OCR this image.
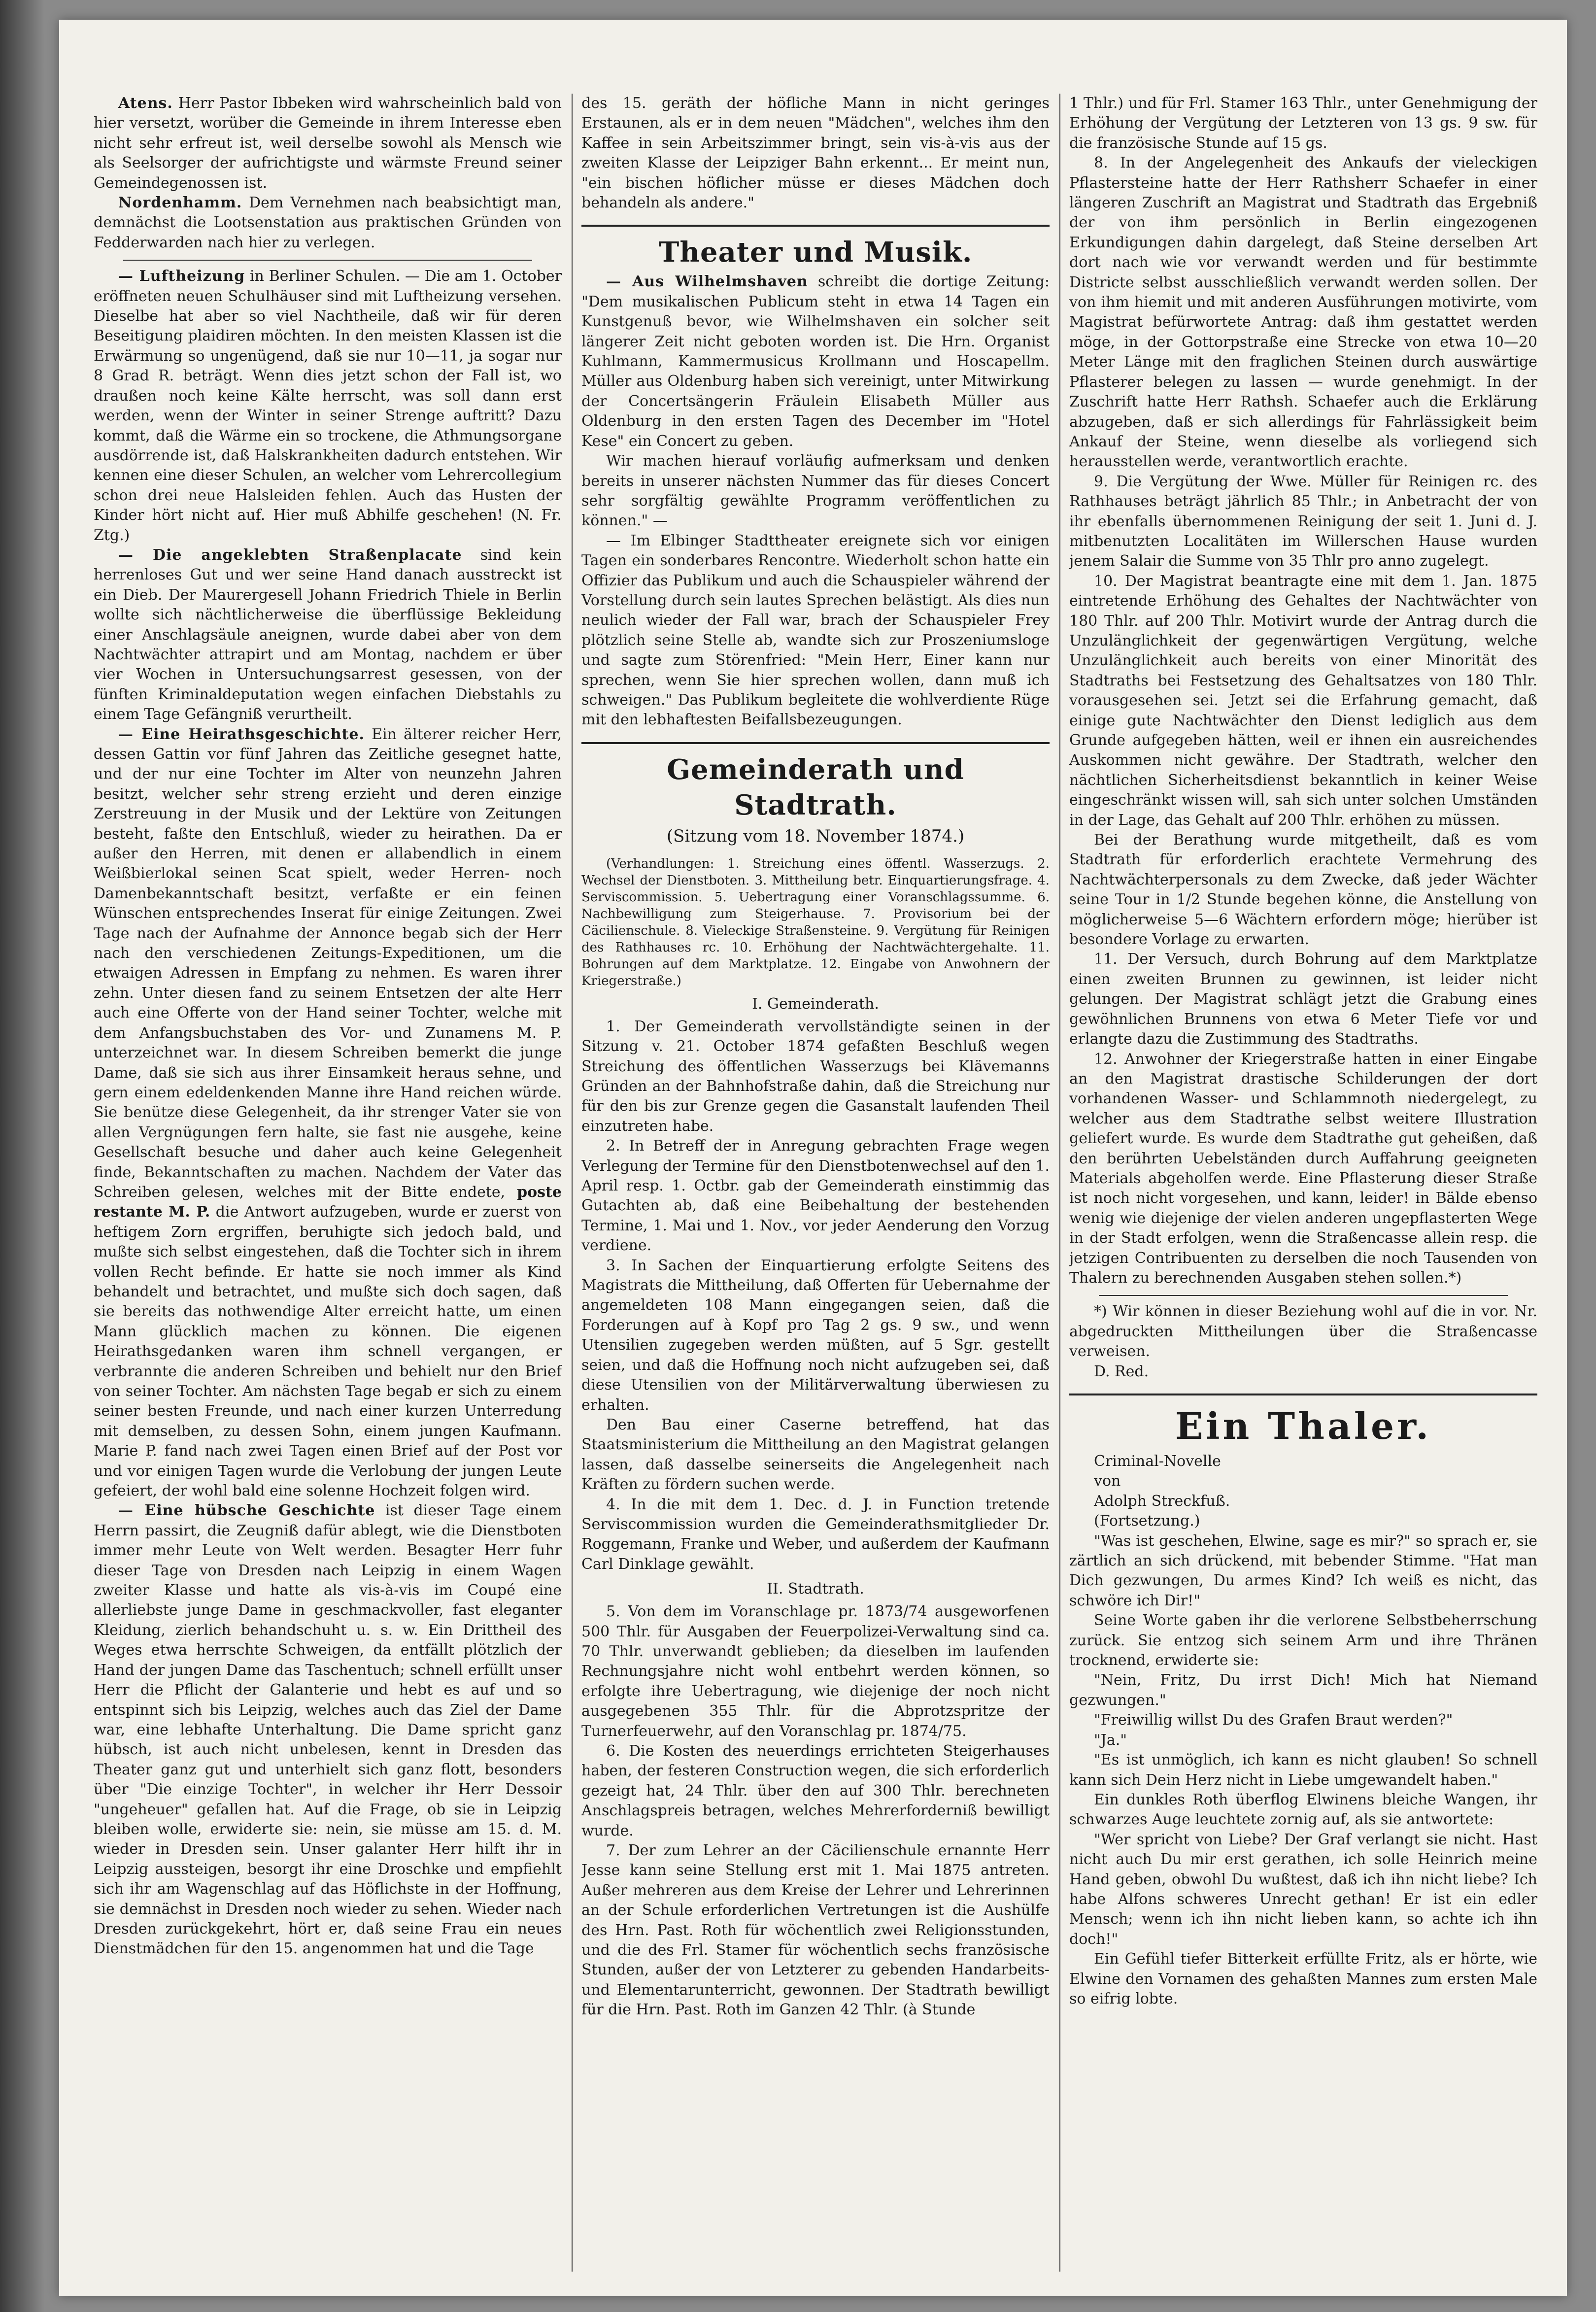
Atens. Herr Pastor Ibbeken wird wahrscheinlich bald von hier versetzt, worüber die Gemeinde in ihrem Interesse eben nicht sehr erfreut ist, weil derselbe sowohl als Mensch wie als Seelsorger der aufrichtigste und wärmste Freund seiner Gemeindegenossen ist.

Nordenhamm. Dem Vernehmen nach beabsichtigt man, demnächst die Lootsenstation aus praktischen Gründen von Fedderwarden nach hier zu verlegen.

— Luftheizung in Berliner Schulen. — Die am 1. October eröffneten neuen Schulhäuser sind mit Luftheizung versehen. Dieselbe hat aber so viel Nachtheile, daß wir für deren Beseitigung plaidiren möchten. In den meisten Klassen ist die Erwärmung so ungenügend, daß sie nur 10—11, ja sogar nur 8 Grad R. beträgt. Wenn dies jetzt schon der Fall ist, wo draußen noch keine Kälte herrscht, was soll dann erst werden, wenn der Winter in seiner Strenge auftritt? Dazu kommt, daß die Wärme ein so trockene, die Athmungsorgane ausdörrende ist, daß Halskrankheiten dadurch entstehen. Wir kennen eine dieser Schulen, an welcher vom Lehrercollegium schon drei neue Halsleiden fehlen. Auch das Husten der Kinder hört nicht auf. Hier muß Abhilfe geschehen! (N. Fr. Ztg.)

— Die angeklebten Straßenplacate sind kein herrenloses Gut und wer seine Hand danach ausstreckt ist ein Dieb. Der Maurergesell Johann Friedrich Thiele in Berlin wollte sich nächtlicherweise die überflüssige Bekleidung einer Anschlagsäule aneignen, wurde dabei aber von dem Nachtwächter attrapirt und am Montag, nachdem er über vier Wochen in Untersuchungsarrest gesessen, von der fünften Kriminaldeputation wegen einfachen Diebstahls zu einem Tage Gefängniß verurtheilt.

— Eine Heirathsgeschichte. Ein älterer reicher Herr, dessen Gattin vor fünf Jahren das Zeitliche gesegnet hatte, und der nur eine Tochter im Alter von neunzehn Jahren besitzt, welcher sehr streng erzieht und deren einzige Zerstreuung in der Musik und der Lektüre von Zeitungen besteht, faßte den Entschluß, wieder zu heirathen. Da er außer den Herren, mit denen er allabendlich in einem Weißbierlokal seinen Scat spielt, weder Herren- noch Damenbekanntschaft besitzt, verfaßte er ein feinen Wünschen entsprechendes Inserat für einige Zeitungen. Zwei Tage nach der Aufnahme der Annonce begab sich der Herr nach den verschiedenen Zeitungs-Expeditionen, um die etwaigen Adressen in Empfang zu nehmen. Es waren ihrer zehn. Unter diesen fand zu seinem Entsetzen der alte Herr auch eine Offerte von der Hand seiner Tochter, welche mit dem Anfangsbuchstaben des Vor- und Zunamens M. P. unterzeichnet war. In diesem Schreiben bemerkt die junge Dame, daß sie sich aus ihrer Einsamkeit heraus sehne, und gern einem edeldenkenden Manne ihre Hand reichen würde. Sie benütze diese Gelegenheit, da ihr strenger Vater sie von allen Vergnügungen fern halte, sie fast nie ausgehe, keine Gesellschaft besuche und daher auch keine Gelegenheit finde, Bekanntschaften zu machen. Nachdem der Vater das Schreiben gelesen, welches mit der Bitte endete, poste restante M. P. die Antwort aufzugeben, wurde er zuerst von heftigem Zorn ergriffen, beruhigte sich jedoch bald, und mußte sich selbst eingestehen, daß die Tochter sich in ihrem vollen Recht befinde. Er hatte sie noch immer als Kind behandelt und betrachtet, und mußte sich doch sagen, daß sie bereits das nothwendige Alter erreicht hatte, um einen Mann glücklich machen zu können. Die eigenen Heirathsgedanken waren ihm schnell vergangen, er verbrannte die anderen Schreiben und behielt nur den Brief von seiner Tochter. Am nächsten Tage begab er sich zu einem seiner besten Freunde, und nach einer kurzen Unterredung mit demselben, zu dessen Sohn, einem jungen Kaufmann. Marie P. fand nach zwei Tagen einen Brief auf der Post vor und vor einigen Tagen wurde die Verlobung der jungen Leute gefeiert, der wohl bald eine solenne Hochzeit folgen wird.

— Eine hübsche Geschichte ist dieser Tage einem Herrn passirt, die Zeugniß dafür ablegt, wie die Dienstboten immer mehr Leute von Welt werden. Besagter Herr fuhr dieser Tage von Dresden nach Leipzig in einem Wagen zweiter Klasse und hatte als vis-à-vis im Coupé eine allerliebste junge Dame in geschmackvoller, fast eleganter Kleidung, zierlich behandschuht u. s. w. Ein Drittheil des Weges etwa herrschte Schweigen, da entfällt plötzlich der Hand der jungen Dame das Taschentuch; schnell erfüllt unser Herr die Pflicht der Galanterie und hebt es auf und so entspinnt sich bis Leipzig, welches auch das Ziel der Dame war, eine lebhafte Unterhaltung. Die Dame spricht ganz hübsch, ist auch nicht unbelesen, kennt in Dresden das Theater ganz gut und unterhielt sich ganz flott, besonders über "Die einzige Tochter", in welcher ihr Herr Dessoir "ungeheuer" gefallen hat. Auf die Frage, ob sie in Leipzig bleiben wolle, erwiderte sie: nein, sie müsse am 15. d. M. wieder in Dresden sein. Unser galanter Herr hilft ihr in Leipzig aussteigen, besorgt ihr eine Droschke und empfiehlt sich ihr am Wagenschlag auf das Höflichste in der Hoffnung, sie demnächst in Dresden noch wieder zu sehen. Wieder nach Dresden zurückgekehrt, hört er, daß seine Frau ein neues Dienstmädchen für den 15. angenommen hat und die Tage

des 15. geräth der höfliche Mann in nicht geringes Erstaunen, als er in dem neuen "Mädchen", welches ihm den Kaffee in sein Arbeitszimmer bringt, sein vis-à-vis aus der zweiten Klasse der Leipziger Bahn erkennt... Er meint nun, "ein bischen höflicher müsse er dieses Mädchen doch behandeln als andere."

Theater und Musik.

— Aus Wilhelmshaven schreibt die dortige Zeitung: "Dem musikalischen Publicum steht in etwa 14 Tagen ein Kunstgenuß bevor, wie Wilhelmshaven ein solcher seit längerer Zeit nicht geboten worden ist. Die Hrn. Organist Kuhlmann, Kammermusicus Krollmann und Hoscapellm. Müller aus Oldenburg haben sich vereinigt, unter Mitwirkung der Concertsängerin Fräulein Elisabeth Müller aus Oldenburg in den ersten Tagen des December im "Hotel Kese" ein Concert zu geben.

Wir machen hierauf vorläufig aufmerksam und denken bereits in unserer nächsten Nummer das für dieses Concert sehr sorgfältig gewählte Programm veröffentlichen zu können." —

— Im Elbinger Stadttheater ereignete sich vor einigen Tagen ein sonderbares Rencontre. Wiederholt schon hatte ein Offizier das Publikum und auch die Schauspieler während der Vorstellung durch sein lautes Sprechen belästigt. Als dies nun neulich wieder der Fall war, brach der Schauspieler Frey plötzlich seine Stelle ab, wandte sich zur Proszeniumsloge und sagte zum Störenfried: "Mein Herr, Einer kann nur sprechen, wenn Sie hier sprechen wollen, dann muß ich schweigen." Das Publikum begleitete die wohlverdiente Rüge mit den lebhaftesten Beifallsbezeugungen.

Gemeinderath und Stadtrath.
(Sitzung vom 18. November 1874.)

(Verhandlungen: 1. Streichung eines öffentl. Wasserzugs. 2. Wechsel der Dienstboten. 3. Mittheilung betr. Einquartierungsfrage. 4. Serviscommission. 5. Uebertragung einer Voranschlagssumme. 6. Nachbewilligung zum Steigerhause. 7. Provisorium bei der Cäcilienschule. 8. Vieleckige Straßensteine. 9. Vergütung für Reinigen des Rathhauses rc. 10. Erhöhung der Nachtwächtergehalte. 11. Bohrungen auf dem Marktplatze. 12. Eingabe von Anwohnern der Kriegerstraße.)

I. Gemeinderath.

1. Der Gemeinderath vervollständigte seinen in der Sitzung v. 21. October 1874 gefaßten Beschluß wegen Streichung des öffentlichen Wasserzugs bei Klävemanns Gründen an der Bahnhofstraße dahin, daß die Streichung nur für den bis zur Grenze gegen die Gasanstalt laufenden Theil einzutreten habe.

2. In Betreff der in Anregung gebrachten Frage wegen Verlegung der Termine für den Dienstbotenwechsel auf den 1. April resp. 1. Octbr. gab der Gemeinderath einstimmig das Gutachten ab, daß eine Beibehaltung der bestehenden Termine, 1. Mai und 1. Nov., vor jeder Aenderung den Vorzug verdiene.

3. In Sachen der Einquartierung erfolgte Seitens des Magistrats die Mittheilung, daß Offerten für Uebernahme der angemeldeten 108 Mann eingegangen seien, daß die Forderungen auf à Kopf pro Tag 2 gs. 9 sw., und wenn Utensilien zugegeben werden müßten, auf 5 Sgr. gestellt seien, und daß die Hoffnung noch nicht aufzugeben sei, daß diese Utensilien von der Militärverwaltung überwiesen zu erhalten.

Den Bau einer Caserne betreffend, hat das Staatsministerium die Mittheilung an den Magistrat gelangen lassen, daß dasselbe seinerseits die Angelegenheit nach Kräften zu fördern suchen werde.

4. In die mit dem 1. Dec. d. J. in Function tretende Serviscommission wurden die Gemeinderathsmitglieder Dr. Roggemann, Franke und Weber, und außerdem der Kaufmann Carl Dinklage gewählt.

II. Stadtrath.

5. Von dem im Voranschlage pr. 1873/74 ausgeworfenen 500 Thlr. für Ausgaben der Feuerpolizei-Verwaltung sind ca. 70 Thlr. unverwandt geblieben; da dieselben im laufenden Rechnungsjahre nicht wohl entbehrt werden können, so erfolgte ihre Uebertragung, wie diejenige der noch nicht ausgegebenen 355 Thlr. für die Abprotzspritze der Turnerfeuerwehr, auf den Voranschlag pr. 1874/75.

6. Die Kosten des neuerdings errichteten Steigerhauses haben, der festeren Construction wegen, die sich erforderlich gezeigt hat, 24 Thlr. über den auf 300 Thlr. berechneten Anschlagspreis betragen, welches Mehrerforderniß bewilligt wurde.

7. Der zum Lehrer an der Cäcilienschule ernannte Herr Jesse kann seine Stellung erst mit 1. Mai 1875 antreten. Außer mehreren aus dem Kreise der Lehrer und Lehrerinnen an der Schule erforderlichen Vertretungen ist die Aushülfe des Hrn. Past. Roth für wöchentlich zwei Religionsstunden, und die des Frl. Stamer für wöchentlich sechs französische Stunden, außer der von Letzterer zu gebenden Handarbeits- und Elementarunterricht, gewonnen. Der Stadtrath bewilligt für die Hrn. Past. Roth im Ganzen 42 Thlr. (à Stunde

1 Thlr.) und für Frl. Stamer 163 Thlr., unter Genehmigung der Erhöhung der Vergütung der Letzteren von 13 gs. 9 sw. für die französische Stunde auf 15 gs.

8. In der Angelegenheit des Ankaufs der vieleckigen Pflastersteine hatte der Herr Rathsherr Schaefer in einer längeren Zuschrift an Magistrat und Stadtrath das Ergebniß der von ihm persönlich in Berlin eingezogenen Erkundigungen dahin dargelegt, daß Steine derselben Art dort nach wie vor verwandt werden und für bestimmte Districte selbst ausschließlich verwandt werden sollen. Der von ihm hiemit und mit anderen Ausführungen motivirte, vom Magistrat befürwortete Antrag: daß ihm gestattet werden möge, in der Gottorpstraße eine Strecke von etwa 10—20 Meter Länge mit den fraglichen Steinen durch auswärtige Pflasterer belegen zu lassen — wurde genehmigt. In der Zuschrift hatte Herr Rathsh. Schaefer auch die Erklärung abzugeben, daß er sich allerdings für Fahrlässigkeit beim Ankauf der Steine, wenn dieselbe als vorliegend sich herausstellen werde, verantwortlich erachte.

9. Die Vergütung der Wwe. Müller für Reinigen rc. des Rathhauses beträgt jährlich 85 Thlr.; in Anbetracht der von ihr ebenfalls übernommenen Reinigung der seit 1. Juni d. J. mitbenutzten Localitäten im Willerschen Hause wurden jenem Salair die Summe von 35 Thlr pro anno zugelegt.

10. Der Magistrat beantragte eine mit dem 1. Jan. 1875 eintretende Erhöhung des Gehaltes der Nachtwächter von 180 Thlr. auf 200 Thlr. Motivirt wurde der Antrag durch die Unzulänglichkeit der gegenwärtigen Vergütung, welche Unzulänglichkeit auch bereits von einer Minorität des Stadtraths bei Festsetzung des Gehaltsatzes von 180 Thlr. vorausgesehen sei. Jetzt sei die Erfahrung gemacht, daß einige gute Nachtwächter den Dienst lediglich aus dem Grunde aufgegeben hätten, weil er ihnen ein ausreichendes Auskommen nicht gewähre. Der Stadtrath, welcher den nächtlichen Sicherheitsdienst bekanntlich in keiner Weise eingeschränkt wissen will, sah sich unter solchen Umständen in der Lage, das Gehalt auf 200 Thlr. erhöhen zu müssen.

Bei der Berathung wurde mitgetheilt, daß es vom Stadtrath für erforderlich erachtete Vermehrung des Nachtwächterpersonals zu dem Zwecke, daß jeder Wächter seine Tour in 1/2 Stunde begehen könne, die Anstellung von möglicherweise 5—6 Wächtern erfordern möge; hierüber ist besondere Vorlage zu erwarten.

11. Der Versuch, durch Bohrung auf dem Marktplatze einen zweiten Brunnen zu gewinnen, ist leider nicht gelungen. Der Magistrat schlägt jetzt die Grabung eines gewöhnlichen Brunnens von etwa 6 Meter Tiefe vor und erlangte dazu die Zustimmung des Stadtraths.

12. Anwohner der Kriegerstraße hatten in einer Eingabe an den Magistrat drastische Schilderungen der dort vorhandenen Wasser- und Schlammnoth niedergelegt, zu welcher aus dem Stadtrathe selbst weitere Illustration geliefert wurde. Es wurde dem Stadtrathe gut geheißen, daß den berührten Uebelständen durch Auffahrung geeigneten Materials abgeholfen werde. Eine Pflasterung dieser Straße ist noch nicht vorgesehen, und kann, leider! in Bälde ebenso wenig wie diejenige der vielen anderen ungepflasterten Wege in der Stadt erfolgen, wenn die Straßencasse allein resp. die jetzigen Contribuenten zu derselben die noch Tausenden von Thalern zu berechnenden Ausgaben stehen sollen.*)

*) Wir können in dieser Beziehung wohl auf die in vor. Nr. abgedruckten Mittheilungen über die Straßencasse verweisen.

D. Red.

Ein Thaler.

Criminal-Novelle

von

Adolph Streckfuß.

(Fortsetzung.)

"Was ist geschehen, Elwine, sage es mir?" so sprach er, sie zärtlich an sich drückend, mit bebender Stimme. "Hat man Dich gezwungen, Du armes Kind? Ich weiß es nicht, das schwöre ich Dir!"

Seine Worte gaben ihr die verlorene Selbstbeherrschung zurück. Sie entzog sich seinem Arm und ihre Thränen trocknend, erwiderte sie:

"Nein, Fritz, Du irrst Dich! Mich hat Niemand gezwungen."

"Freiwillig willst Du des Grafen Braut werden?"

"Ja."

"Es ist unmöglich, ich kann es nicht glauben! So schnell kann sich Dein Herz nicht in Liebe umgewandelt haben."

Ein dunkles Roth überflog Elwinens bleiche Wangen, ihr schwarzes Auge leuchtete zornig auf, als sie antwortete:

"Wer spricht von Liebe? Der Graf verlangt sie nicht. Hast nicht auch Du mir erst gerathen, ich solle Heinrich meine Hand geben, obwohl Du wußtest, daß ich ihn nicht liebe? Ich habe Alfons schweres Unrecht gethan! Er ist ein edler Mensch; wenn ich ihn nicht lieben kann, so achte ich ihn doch!"

Ein Gefühl tiefer Bitterkeit erfüllte Fritz, als er hörte, wie Elwine den Vornamen des gehaßten Mannes zum ersten Male so eifrig lobte.
